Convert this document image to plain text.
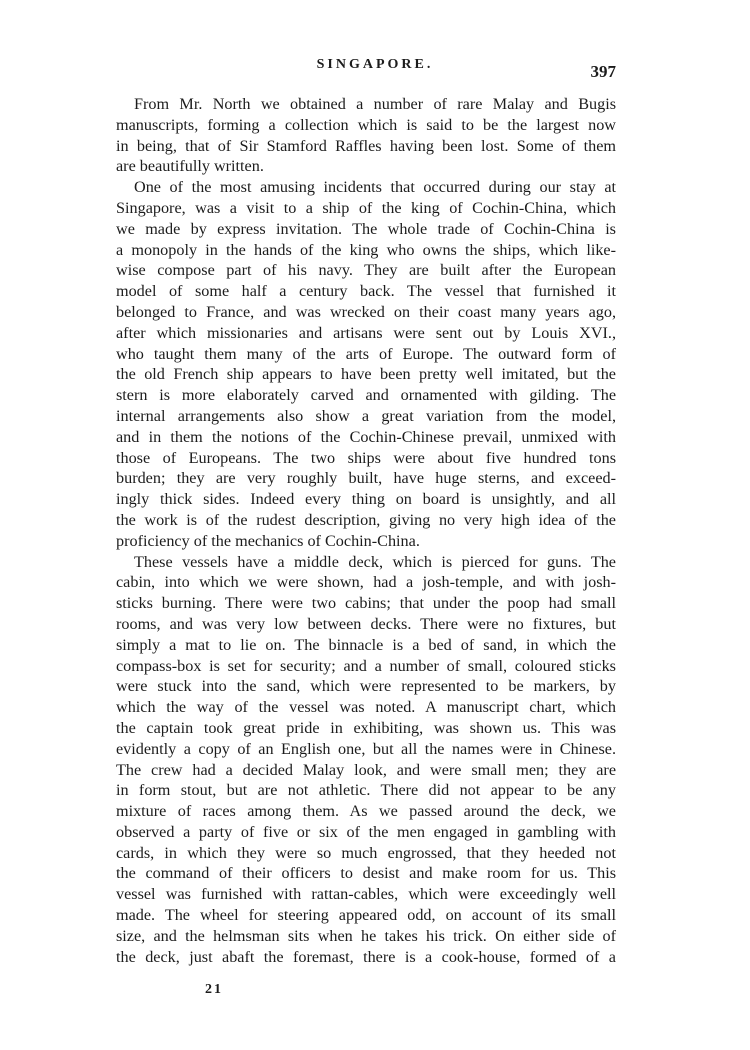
SINGAPORE.	397
From Mr. North we obtained a number of rare Malay and Bugis
manuscripts, forming a collection which is said to be the largest now
in being, that of Sir Stamford Raffles having been lost. Some of them
are beautifully written.
One of the most amusing incidents that occurred during our stay at
Singapore, was a visit to a ship of the king of Cochin-China, which
we made by express invitation. The whole trade of Cochin-China is
a monopoly in the hands of the king who owns the ships, which like-
wise compose part of his navy. They are built after the European
model of some half a century back. The vessel that furnished it
belonged to France, and was wrecked on their coast many years ago,
after which missionaries and artisans were sent out by Louis XVI.,
who taught them many of the arts of Europe. The outward form of
the old French ship appears to have been pretty well imitated, but the
stern is more elaborately carved and ornamented with gilding. The
internal arrangements also show a great variation from the model,
and in them the notions of the Cochin-Chinese prevail, unmixed with
those of Europeans. The two ships were about five hundred tons
burden; they are very roughly built, have huge sterns, and exceed-
ingly thick sides. Indeed every thing on board is unsightly, and all
the work is of the rudest description, giving no very high idea of the
proficiency of the mechanics of Cochin-China.
These vessels have a middle deck, which is pierced for guns. The
cabin, into which we were shown, had a josh-temple, and with josh-
sticks burning. There were two cabins; that under the poop had small
rooms, and was very low between decks. There were no fixtures, but
simply a mat to lie on. The binnacle is a bed of sand, in which the
compass-box is set for security; and a number of small, coloured sticks
were stuck into the sand, which were represented to be markers, by
which the way of the vessel was noted. A manuscript chart, which
the captain took great pride in exhibiting, was shown us. This was
evidently a copy of an English one, but all the names were in Chinese.
The crew had a decided Malay look, and were small men; they are
in form stout, but are not athletic. There did not appear to be any
mixture of races among them. As we passed around the deck, we
observed a party of five or six of the men engaged in gambling with
cards, in which they were so much engrossed, that they heeded not
the command of their officers to desist and make room for us. This
vessel was furnished with rattan-cables, which were exceedingly well
made. The wheel for steering appeared odd, on account of its small
size, and the helmsman sits when he takes his trick. On either side of
the deck, just abaft the foremast, there is a cook-house, formed of a
21
